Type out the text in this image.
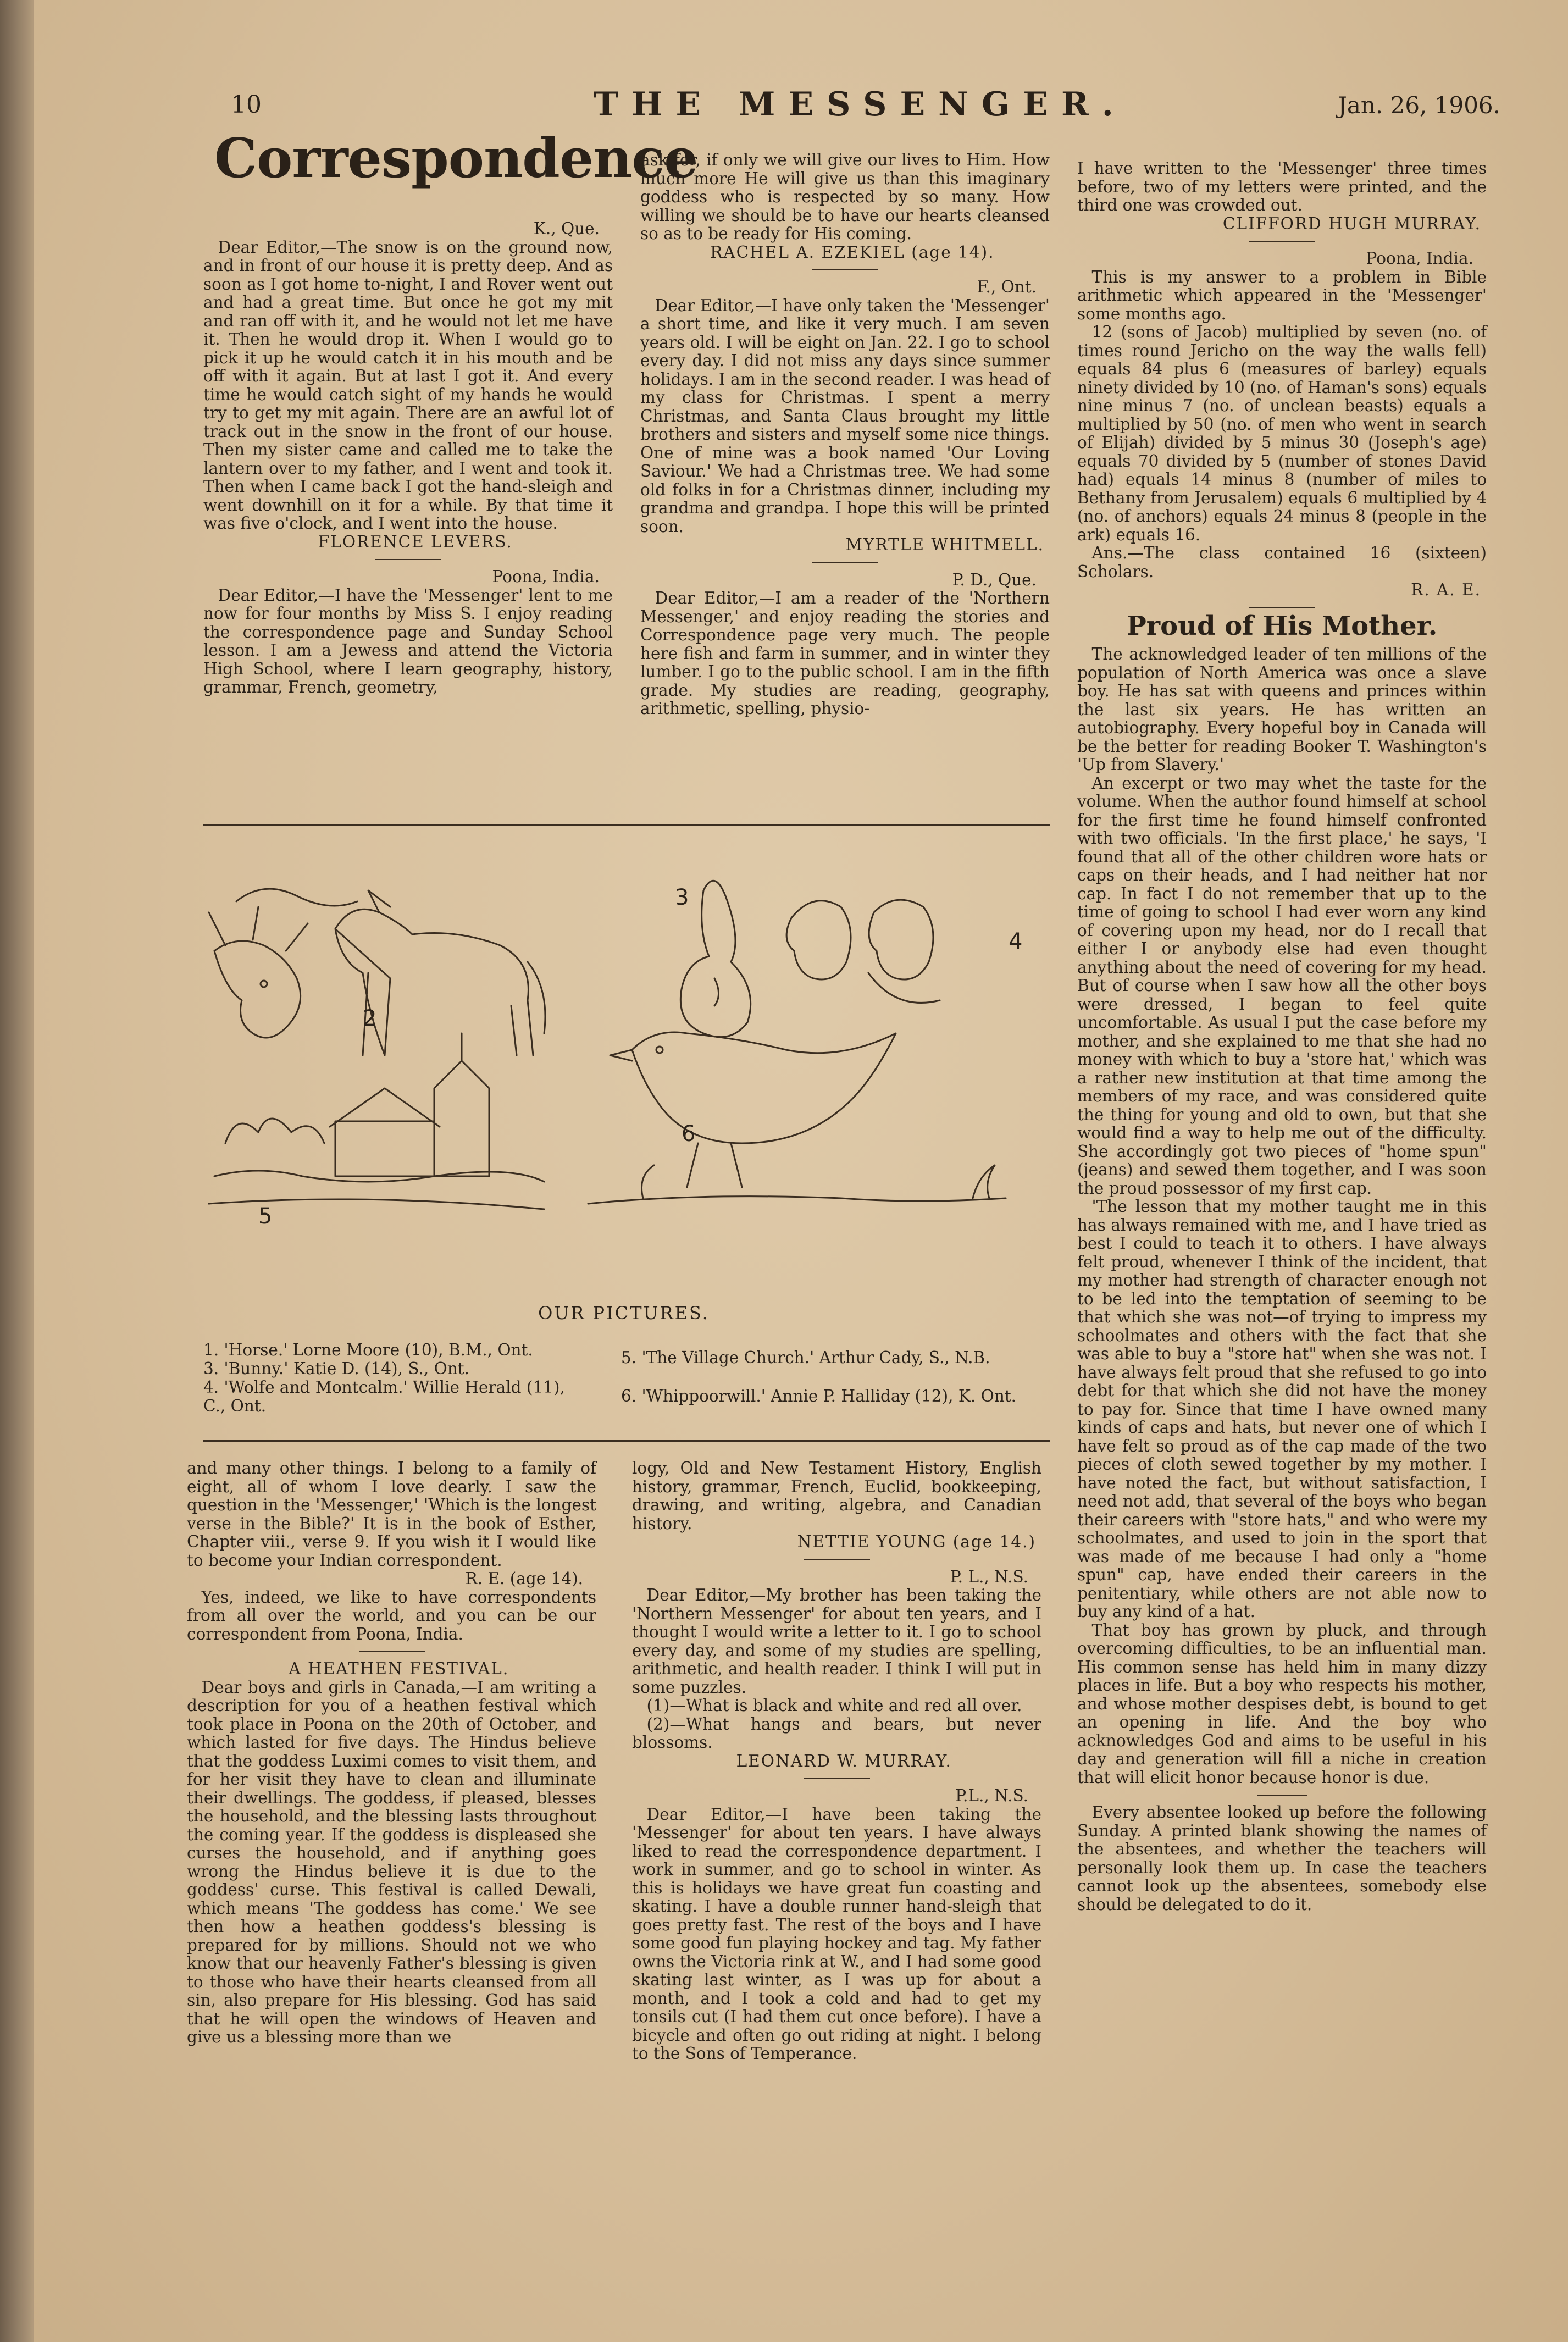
10	THE MESSENGER.	Jan. 26, 1906.
Correspondence

K., Que.

Dear Editor,—The snow is on the ground now, and in front of our house it is pretty deep. And as soon as I got home to-night, I and Rover went out and had a great time. But once he got my mit and ran off with it, and he would not let me have it. Then he would drop it. When I would go to pick it up he would catch it in his mouth and be off with it again. But at last I got it. And every time he would catch sight of my hands he would try to get my mit again. There are an awful lot of track out in the snow in the front of our house. Then my sister came and called me to take the lantern over to my father, and I went and took it. Then when I came back I got the hand-sleigh and went downhill on it for a while. By that time it was five o'clock, and I went into the house.

FLORENCE LEVERS.

Poona, India.

Dear Editor,—I have the 'Messenger' lent to me now for four months by Miss S. I enjoy reading the correspondence page and Sunday School lesson. I am a Jewess and attend the Victoria High School, where I learn geography, history, grammar, French, geometry,

ask for, if only we will give our lives to Him. How much more He will give us than this imaginary goddess who is respected by so many. How willing we should be to have our hearts cleansed so as to be ready for His coming.

RACHEL A. EZEKIEL (age 14).

F., Ont.

Dear Editor,—I have only taken the 'Messenger' a short time, and like it very much. I am seven years old. I will be eight on Jan. 22. I go to school every day. I did not miss any days since summer holidays. I am in the second reader. I was head of my class for Christmas. I spent a merry Christmas, and Santa Claus brought my little brothers and sisters and myself some nice things. One of mine was a book named 'Our Loving Saviour.' We had a Christmas tree. We had some old folks in for a Christmas dinner, including my grandma and grandpa. I hope this will be printed soon.

MYRTLE WHITMELL.

P. D., Que.

Dear Editor,—I am a reader of the 'Northern Messenger,' and enjoy reading the stories and Correspondence page very much. The people here fish and farm in summer, and in winter they lumber. I go to the public school. I am in the fifth grade. My studies are reading, geography, arithmetic, spelling, physio-

I have written to the 'Messenger' three times before, two of my letters were printed, and the third one was crowded out.

CLIFFORD HUGH MURRAY.

Poona, India.

This is my answer to a problem in Bible arithmetic which appeared in the 'Messenger' some months ago.

12 (sons of Jacob) multiplied by seven (no. of times round Jericho on the way the walls fell) equals 84 plus 6 (measures of barley) equals ninety divided by 10 (no. of Haman's sons) equals nine minus 7 (no. of unclean beasts) equals a multiplied by 50 (no. of men who went in search of Elijah) divided by 5 minus 30 (Joseph's age) equals 70 divided by 5 (number of stones David had) equals 14 minus 8 (number of miles to Bethany from Jerusalem) equals 6 multiplied by 4 (no. of anchors) equals 24 minus 8 (people in the ark) equals 16.

Ans.—The class contained 16 (sixteen) Scholars.

R. A. E.

Proud of His Mother.

The acknowledged leader of ten millions of the population of North America was once a slave boy. He has sat with queens and princes within the last six years. He has written an autobiography. Every hopeful boy in Canada will be the better for reading Booker T. Washington's 'Up from Slavery.'

An excerpt or two may whet the taste for the volume. When the author found himself at school for the first time he found himself confronted with two officials. 'In the first place,' he says, 'I found that all of the other children wore hats or caps on their heads, and I had neither hat nor cap. In fact I do not remember that up to the time of going to school I had ever worn any kind of covering upon my head, nor do I recall that either I or anybody else had even thought anything about the need of covering for my head. But of course when I saw how all the other boys were dressed, I began to feel quite uncomfortable. As usual I put the case before my mother, and she explained to me that she had no money with which to buy a 'store hat,' which was a rather new institution at that time among the members of my race, and was considered quite the thing for young and old to own, but that she would find a way to help me out of the difficulty. She accordingly got two pieces of "home spun" (jeans) and sewed them together, and I was soon the proud possessor of my first cap.

'The lesson that my mother taught me in this has always remained with me, and I have tried as best I could to teach it to others. I have always felt proud, whenever I think of the incident, that my mother had strength of character enough not to be led into the temptation of seeming to be that which she was not—of trying to impress my schoolmates and others with the fact that she was able to buy a "store hat" when she was not. I have always felt proud that she refused to go into debt for that which she did not have the money to pay for. Since that time I have owned many kinds of caps and hats, but never one of which I have felt so proud as of the cap made of the two pieces of cloth sewed together by my mother. I have noted the fact, but without satisfaction, I need not add, that several of the boys who began their careers with "store hats," and who were my schoolmates, and used to join in the sport that was made of me because I had only a "home spun" cap, have ended their careers in the penitentiary, while others are not able now to buy any kind of a hat.

That boy has grown by pluck, and through overcoming difficulties, to be an influential man. His common sense has held him in many dizzy places in life. But a boy who respects his mother, and whose mother despises debt, is bound to get an opening in life. And the boy who acknowledges God and aims to be useful in his day and generation will fill a niche in creation that will elicit honor because honor is due.

Every absentee looked up before the following Sunday. A printed blank showing the names of the absentees, and whether the teachers will personally look them up. In case the teachers cannot look up the absentees, somebody else should be delegated to do it.

2
3
4
5
6
OUR PICTURES.
1. 'Horse.' Lorne Moore (10), B.M., Ont.
3. 'Bunny.' Katie D. (14), S., Ont.
4. 'Wolfe and Montcalm.' Willie Herald (11), C., Ont.
5. 'The Village Church.' Arthur Cady, S., N.B.
6. 'Whippoorwill.' Annie P. Halliday (12), K. Ont.

and many other things. I belong to a family of eight, all of whom I love dearly. I saw the question in the 'Messenger,' 'Which is the longest verse in the Bible?' It is in the book of Esther, Chapter viii., verse 9. If you wish it I would like to become your Indian correspondent.

R. E. (age 14).

Yes, indeed, we like to have correspondents from all over the world, and you can be our correspondent from Poona, India.

A HEATHEN FESTIVAL.

Dear boys and girls in Canada,—I am writing a description for you of a heathen festival which took place in Poona on the 20th of October, and which lasted for five days. The Hindus believe that the goddess Luximi comes to visit them, and for her visit they have to clean and illuminate their dwellings. The goddess, if pleased, blesses the household, and the blessing lasts throughout the coming year. If the goddess is displeased she curses the household, and if anything goes wrong the Hindus believe it is due to the goddess' curse. This festival is called Dewali, which means 'The goddess has come.' We see then how a heathen goddess's blessing is prepared for by millions. Should not we who know that our heavenly Father's blessing is given to those who have their hearts cleansed from all sin, also prepare for His blessing. God has said that he will open the windows of Heaven and give us a blessing more than we

logy, Old and New Testament History, English history, grammar, French, Euclid, bookkeeping, drawing, and writing, algebra, and Canadian history.

NETTIE YOUNG (age 14.)

P. L., N.S.

Dear Editor,—My brother has been taking the 'Northern Messenger' for about ten years, and I thought I would write a letter to it. I go to school every day, and some of my studies are spelling, arithmetic, and health reader. I think I will put in some puzzles.

(1)—What is black and white and red all over.

(2)—What hangs and bears, but never blossoms.

LEONARD W. MURRAY.

P.L., N.S.

Dear Editor,—I have been taking the 'Messenger' for about ten years. I have always liked to read the correspondence department. I work in summer, and go to school in winter. As this is holidays we have great fun coasting and skating. I have a double runner hand-sleigh that goes pretty fast. The rest of the boys and I have some good fun playing hockey and tag. My father owns the Victoria rink at W., and I had some good skating last winter, as I was up for about a month, and I took a cold and had to get my tonsils cut (I had them cut once before). I have a bicycle and often go out riding at night. I belong to the Sons of Temperance.
